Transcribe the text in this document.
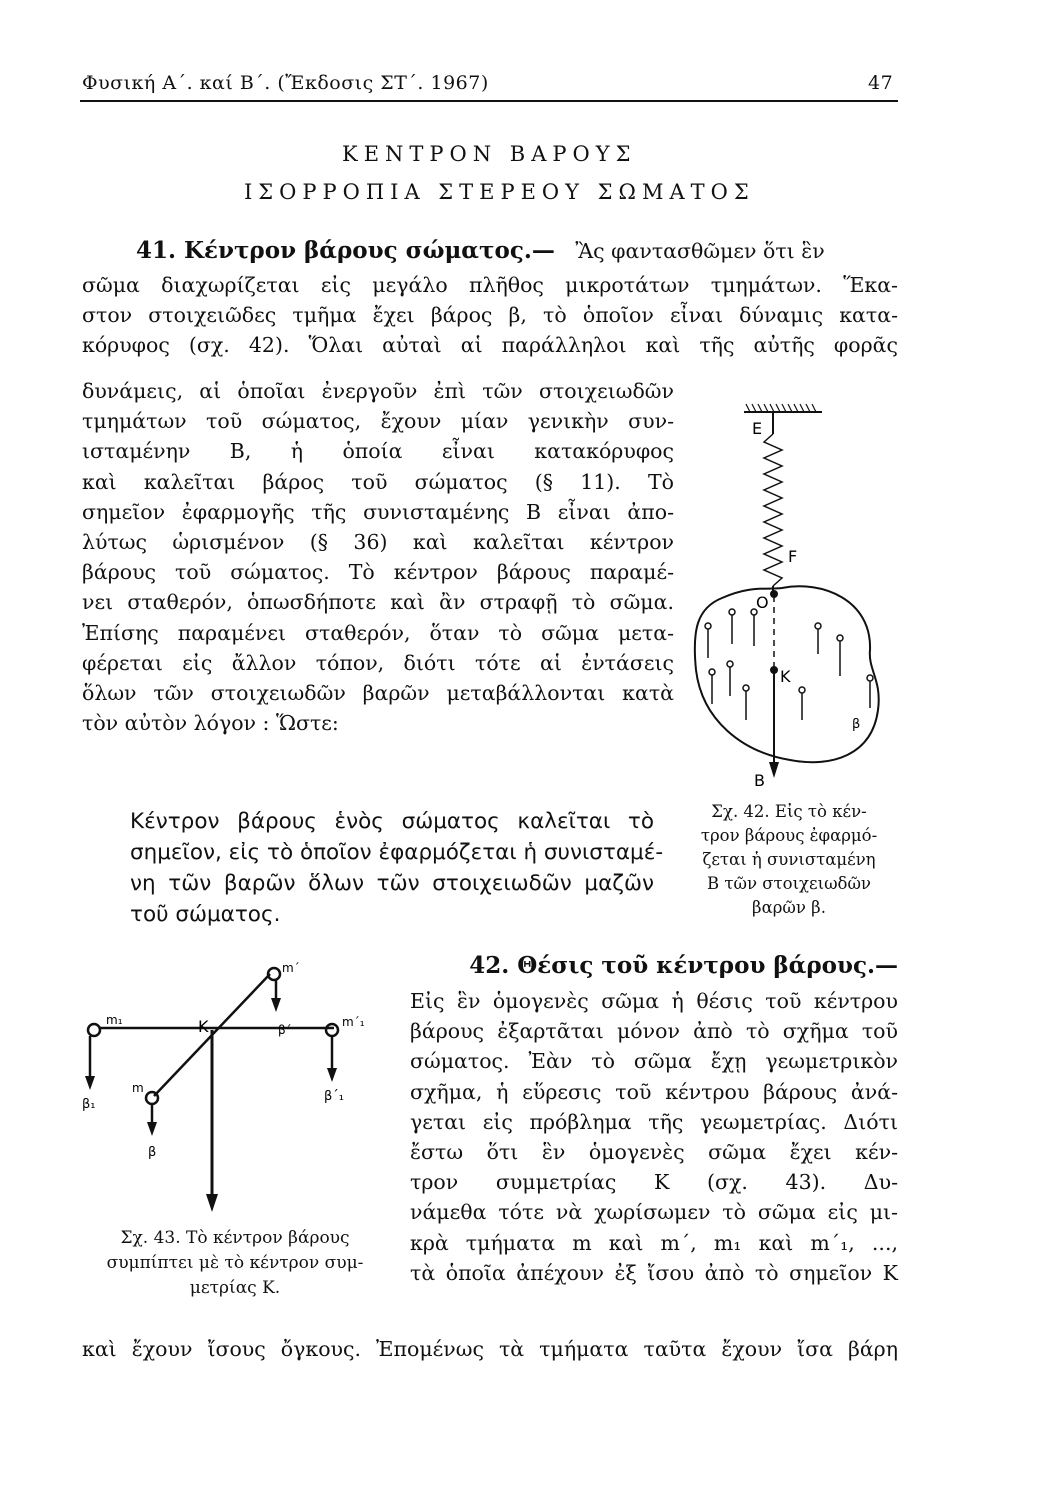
Φυσική Α΄. καί Β΄. (Ἔκδοσις ΣΤ΄. 1967)	47
ΚΕΝΤΡΟΝ ΒΑΡΟΥΣ
ΙΣΟΡΡΟΠΙΑ ΣΤΕΡΕΟΥ ΣΩΜΑΤΟΣ
41. Κέντρον βάρους σώματος.— Ἂς φαντασθῶμεν ὅτι ἓν

σῶμα διαχωρίζεται εἰς μεγάλο πλῆθος μικροτάτων τμημάτων. Ἕκα-

στον στοιχειῶδες τμῆμα ἔχει βάρος β, τὸ ὁποῖον εἶναι δύναμις κατα-

κόρυφος (σχ. 42). Ὅλαι αὐταὶ αἱ παράλληλοι καὶ τῆς αὐτῆς φορᾶς

δυνάμεις, αἱ ὁποῖαι ἐνεργοῦν ἐπὶ τῶν στοιχειωδῶν

τμημάτων τοῦ σώματος, ἔχουν μίαν γενικὴν συν-

ισταμένην Β, ἡ ὁποία εἶναι κατακόρυφος

καὶ καλεῖται βάρος τοῦ σώματος (§ 11). Τὸ

σημεῖον ἐφαρμογῆς τῆς συνισταμένης Β εἶναι ἀπο-

λύτως ὡρισμένον (§ 36) καὶ καλεῖται κέντρον

βάρους τοῦ σώματος. Τὸ κέντρον βάρους παραμέ-

νει σταθερόν, ὁπωσδήποτε καὶ ἂν στραφῇ τὸ σῶμα.

Ἐπίσης παραμένει σταθερόν, ὅταν τὸ σῶμα μετα-

φέρεται εἰς ἄλλον τόπον, διότι τότε αἱ ἐντάσεις

ὅλων τῶν στοιχειωδῶν βαρῶν μεταβάλλονται κατὰ

τὸν αὐτὸν λόγον : Ὥστε:

Κέντρον βάρους ἑνὸς σώματος καλεῖται τὸ

σημεῖον, εἰς τὸ ὁποῖον ἐφαρμόζεται ἡ συνισταμέ-

νη τῶν βαρῶν ὅλων τῶν στοιχειωδῶν μαζῶν

τοῦ σώματος.

E
F
O
K
β
B
Σχ. 42. Εἰς τὸ κέν-
τρον βάρους ἐφαρμό-
ζεται ἡ συνισταμένη
Β τῶν στοιχειωδῶν
βαρῶν β.
42. Θέσις τοῦ κέντρου βάρους.—

Εἰς ἓν ὁμογενὲς σῶμα ἡ θέσις τοῦ κέντρου

βάρους ἐξαρτᾶται μόνον ἀπὸ τὸ σχῆμα τοῦ

σώματος. Ἐὰν τὸ σῶμα ἔχῃ γεωμετρικὸν

σχῆμα, ἡ εὕρεσις τοῦ κέντρου βάρους ἀνά-

γεται εἰς πρόβλημα τῆς γεωμετρίας. Διότι

ἔστω ὅτι ἓν ὁμογενὲς σῶμα ἔχει κέν-

τρον συμμετρίας Κ (σχ. 43). Δυ-

νάμεθα τότε νὰ χωρίσωμεν τὸ σῶμα εἰς μι-

κρὰ τμήματα m καὶ m΄, m₁ καὶ m΄₁, ...,

τὰ ὁποῖα ἀπέχουν ἐξ ἴσου ἀπὸ τὸ σημεῖον Κ

καὶ ἔχουν ἴσους ὄγκους. Ἐπομένως τὰ τμήματα ταῦτα ἔχουν ἴσα βάρη
m΄
m₁	K	β΄
m΄₁
m
β₁
β΄₁
β
Σχ. 43. Τὸ κέντρον βάρους
συμπίπτει μὲ τὸ κέντρον συμ-
μετρίας Κ.
